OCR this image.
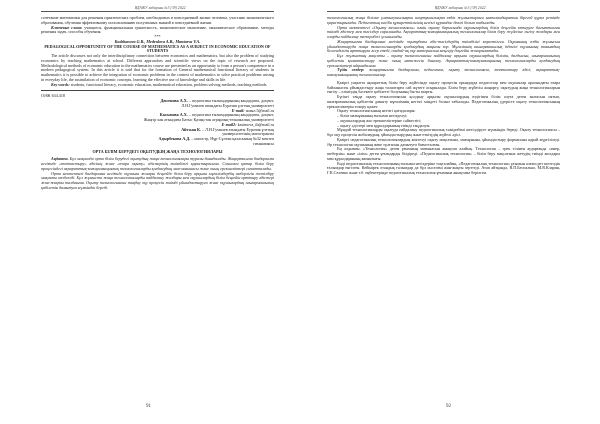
ВДАЖУ хабаршы №3 (39) 2022

сочетание математики для решения практических проблем, необходимых в повседневной жизни человека, участник экономического образования, обучения эффективному использованию полученных знаний в повседневной жизни.

Ключевые слова: учащиеся, функциональная грамотность, экономическое мышление, экономическое образование, методы решения задач, способы обучения.

***

Kodzhanova G.R., Medeulova A.B., Mantaeva V.A.

PEDAGOGICAL OPPORTUNITY OF THE COURSE OF MATHEMATICS AS A SUBJECT IN ECONOMIC EDUCATION OF STUDENTS

The article discusses not only the interdisciplinary connection between economics and mathematics, but also the problem of studying economics by teaching mathematics at school. Different approaches and scientific views on the topic of research are proposed. Methodological methods of economic education in the mathematics course are presented as an opportunity to form a person's competence in a modern pedagogical system. In this article it is said that for the formation of General mathematical functional literacy of students in mathematics it is possible to achieve the integration of economic problems in the context of mathematics to solve practical problems arising in everyday life, the assimilation of economic concepts, learning the effective use of knowledge and skills in life.

Key words: students, functional literacy, economic education, mathematical education, problem solving methods, teaching methods.

ОӘЖ 634.418

Дюсенова А.Х. – педагогика ғылымдарының кандидаты, доцент,

Л.Н.Гумилев атындағы Еуразия ұлттық университеті

E-mail: ашыл.5@mail.ru

Касымова А.Х. – педагогика ғылымдарының кандидаты, доцент,

Жәңгір хан атындағы Батыс Қазақстан аграрлық-техникалық университеті

E-mail2: kasimova_tb@mail.ru

Айтжан К. – Л.Н.Гумилев атындағы Еуразия ұлттық

университетінің магистранты

Адырбекова А.Д. – магистр, Нұр-Сұлтан қаласының №32 мектеп

гимназиясы

ОРТА БІЛІМ БЕРУДЕГІ ОҚЫТУДЫҢ ЖАҢА ТЕХНОЛОГИЯЛАРЫ

Аңдатпа. Бұл мақалада орта білім берудегі оқытудың жаңа технологиялары туралы баяндалады. Жаңартылған бағдарлама негізінде «топтастыру» әдісінің және «өзара оқыту» әдістерінің тиімділігі қарастырылған. Сонымен қатар білім беру процесіндегі ақпараттық-коммуникациялық технологияларды қолданудың мән-мағынасы және оның ерекшеліктері сипатталады.

Орта мектептегі бағдарлама негізінде оқушыға жоғары деңгейде білім беру арқылы мұғалімдердің шеберлігін жетілдіру мақсаты көзделеді. Бұл жұмыста жаңа технологияларды пайдалану жолдары мен оқушылардың білім деңгейін арттыру әдістері жан-жақты талданған. Оқыту технологиясын таңдау оқу процесін тиімді ұйымдастыруға және оқушылардың шығармашылық қабілетін дамытуға мүмкіндік береді.

91
ВДАЖУ хабаршы №3 (39) 2022

технологиялық жаңа білімге ұмтылушылықты ағартушылықта өздік жұмыстармен ынталандыратын бірегей құрал ретінде қарастырылады. Педагогтың кәсіби құзыреттілігінің негізгі құрамдас бөлігі болып табылады.

Орта мектептегі «Оқыту технологиясы» пәнін оқыту барысында оқушылардың білім деңгейін көтеруге бағытталған тиімді әдістер мен тәсілдер сараланады. Ақпараттық-коммуникациялық технологиялар білім беру жүйесіне енгізу жолдары мен оларды пайдалану тәжірибесі ұсынылады.

Жаңартылған бағдарлама негізінде оқытудағы әдіс-тәсілдердің тиімділігі көрсетілген. Оқушының өздік жұмысын ұйымдастыруда жаңа технологияларды қолданудың маңызы зор. Мұғалімнің шығармашылық ізденісі оқушының танымдық белсенділігін арттыруға әсер етеді, сондай-ақ оқу материалын меңгеру деңгейін жоғарылатады.

Бұл жұмыстың мақсаты – оқыту технологиясын пайдалану арқылы оқушылардың білімін, дағдысын, шығармашылық қабілетін қалыптастыру және оның нәтижесін бағалау. Ақпараттық-коммуникациялық технологияларды қолданудың ерекшеліктері айқындалған.

Түйін сөздер: жаңартылған бағдарлама, педагогика, оқыту технологиясы, топтастыру әдісі, ақпараттық-коммуникациялық технологиялар.

Қазіргі уақытта ақпараттық білім беру жүйесінде оқыту процесін орындауда педагогтар мен оқушылар арасындағы өзара байланысты ұйымдастыру жаңа талаптарға сай жүзеге асырылады. Білім беру жүйесін жаңарту, оқытудың жаңа технологияларын енгізу – еліміздің бәсекеге қабілетті болуының басты шарты.

Бүгінгі таңда оқыту технологиясын қолдану арқылы оқушылардың өздігінен білім алуға деген ынтасын оятып, шығармашылық қабілетін дамыту мұғалімнің негізгі міндеті болып табылады. Педагогикалық үдерісте оқыту технологиясының ерекшеліктерін ескеру қажет.

Оқыту технологиясының негізгі қағидалары:

– білім мазмұнының ғылыми негізделуі;

– оқушылардың жас ерекшеліктеріне сәйкестігі;

– оқыту әдістері мен құралдарының тиімді таңдалуы.

Мұндай технологияларды оқытуда пайдалану педагогикалық тәжірибені жетілдіруге мүмкіндік береді. Оқыту технологиясы – бұл оқу процесін жобалаудың, ұйымдастырудың және өткізудің жүйелі әдісі.

Қазіргі педагогикалық технологиялардың жіктелуі оқыту мақсатына, мазмұнына, ұйымдастыру формасына қарай жүргізіледі. Әр технология оқушының жеке тұлғасын дамытуға бағытталған.

Ең алдымен, «Технология» деген ұғымның мағынасын анықтап алайық. Технология – грек тілінен аударғанда «өнер, шеберлік» және «ілім» деген ұғымдарды білдіреді. «Педагогикалық технология» – білім беру мақсатына жетудің тиімді жолдары мен құралдарының жиынтығы.

Енді педагогикалық технологияның ғылыми негіздеріне тоқталайық. «Педагогикалық технология» ұғымын алғаш рет шетелдік ғалымдар енгізген. Кейінірек отандық ғалымдар да бұл мәселені жан-жақты зерттеді. Атап айтқанда, В.П.Беспалько, М.В.Кларин, Г.К.Селевко және т.б. еңбектерінде педагогикалық технология ұғымына анықтама берілген.

92
